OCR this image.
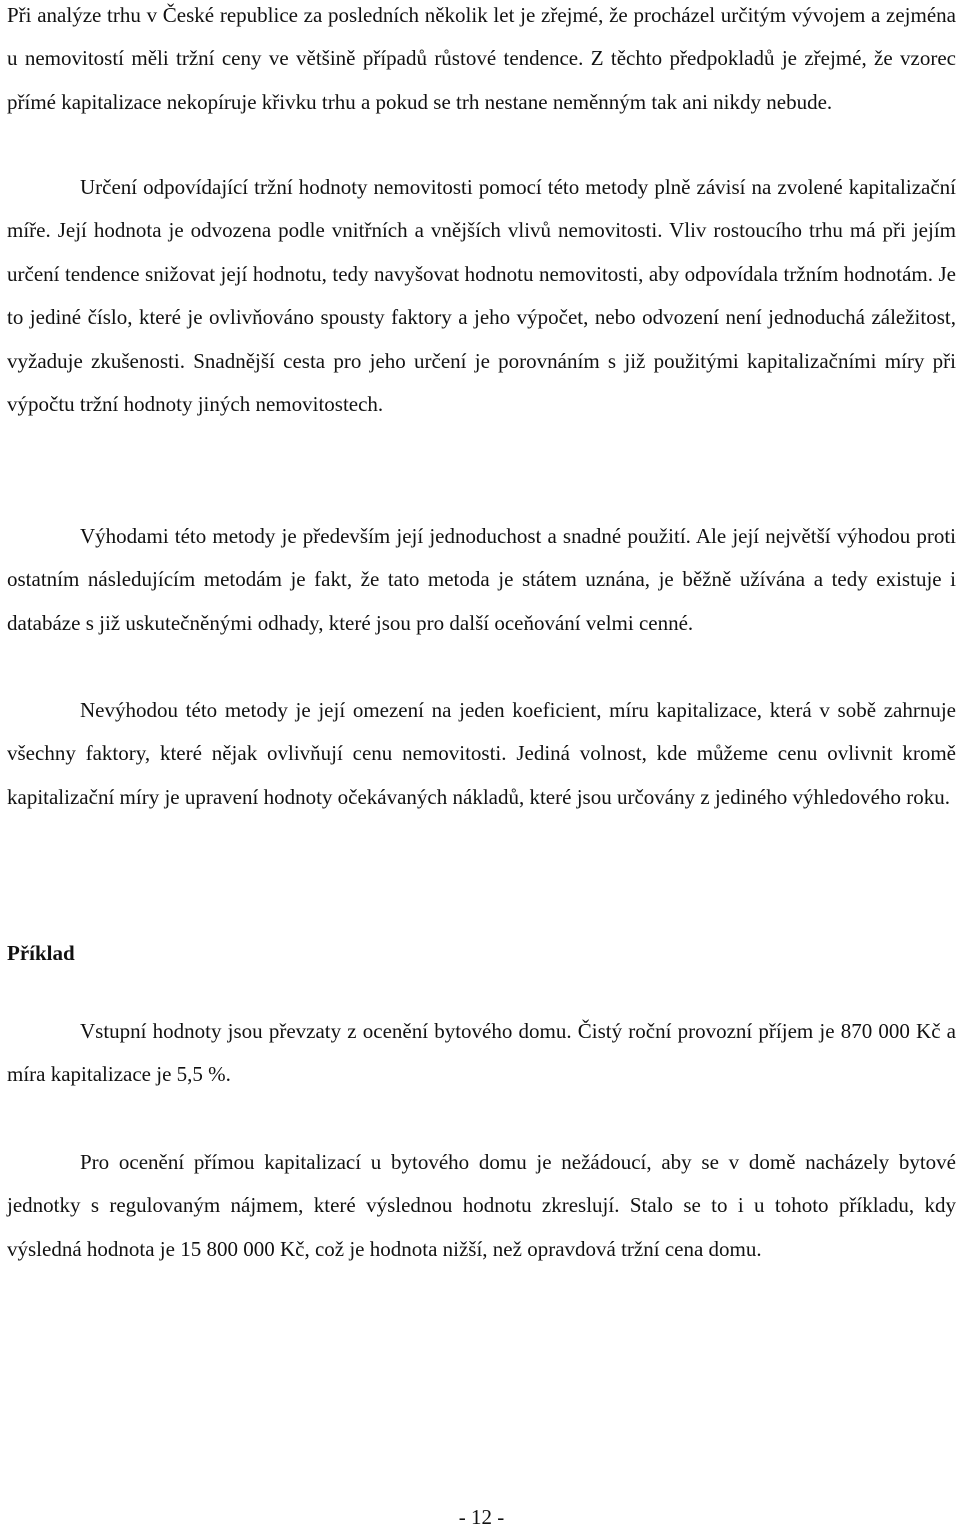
Při analýze trhu v České republice za posledních několik let je zřejmé, že procházel určitým vývojem a zejména u nemovitostí měli tržní ceny ve většině případů růstové tendence. Z těchto předpokladů je zřejmé, že vzorec přímé kapitalizace nekopíruje křivku trhu a pokud se trh nestane neměnným tak ani nikdy nebude.

Určení odpovídající tržní hodnoty nemovitosti pomocí této metody plně závisí na zvolené kapitalizační míře. Její hodnota je odvozena podle vnitřních a vnějších vlivů nemovitosti. Vliv rostoucího trhu má při jejím určení tendence snižovat její hodnotu, tedy navyšovat hodnotu nemovitosti, aby odpovídala tržním hodnotám. Je to jediné číslo, které je ovlivňováno spousty faktory a jeho výpočet, nebo odvození není jednoduchá záležitost, vyžaduje zkušenosti. Snadnější cesta pro jeho určení je porovnáním s již použitými kapitalizačními míry při výpočtu tržní hodnoty jiných nemovitostech.

Výhodami této metody je především její jednoduchost a snadné použití. Ale její největší výhodou proti ostatním následujícím metodám je fakt, že tato metoda je státem uznána, je běžně užívána a tedy existuje i databáze s již uskutečněnými odhady, které jsou pro další oceňování velmi cenné.

Nevýhodou této metody je její omezení na jeden koeficient, míru kapitalizace, která v sobě zahrnuje všechny faktory, které nějak ovlivňují cenu nemovitosti. Jediná volnost, kde můžeme cenu ovlivnit kromě kapitalizační míry je upravení hodnoty očekávaných nákladů, které jsou určovány z jediného výhledového roku.

Příklad

Vstupní hodnoty jsou převzaty z ocenění bytového domu. Čistý roční provozní příjem je 870 000 Kč a míra kapitalizace je 5,5 %.

Pro ocenění přímou kapitalizací u bytového domu je nežádoucí, aby se v domě nacházely bytové jednotky s regulovaným nájmem, které výslednou hodnotu zkreslují. Stalo se to i u tohoto příkladu, kdy výsledná hodnota je 15 800 000 Kč, což je hodnota nižší, než opravdová tržní cena domu.

- 12 -
